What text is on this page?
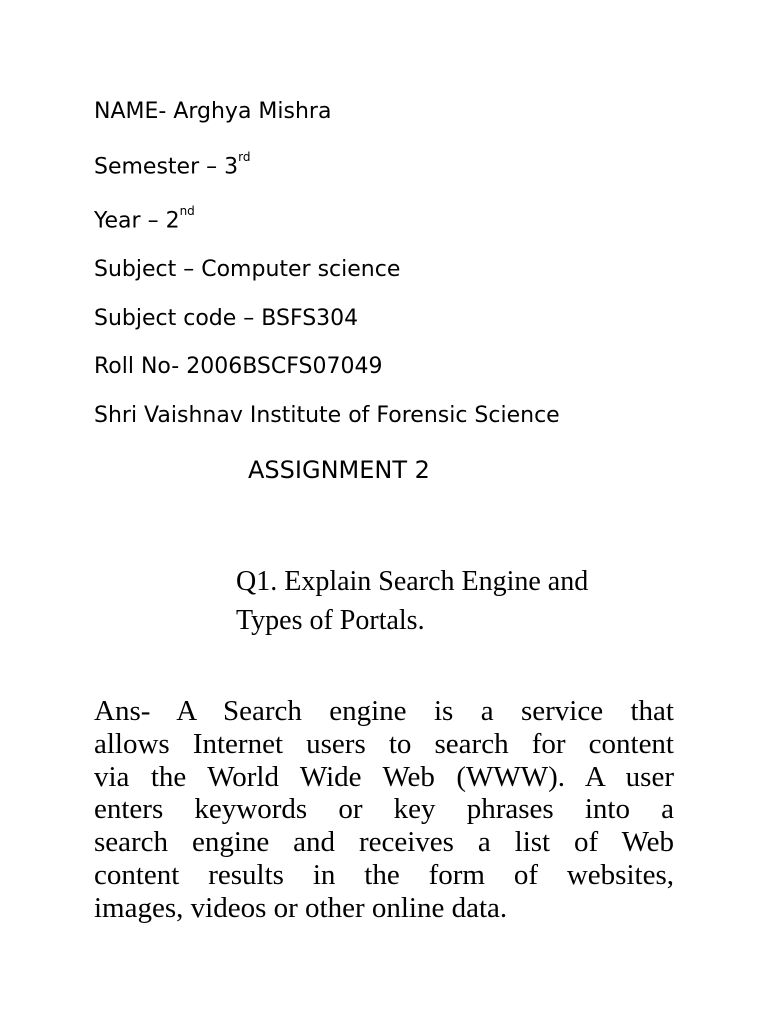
NAME- Arghya Mishra
Semester – 3rd
Year – 2nd
Subject – Computer science
Subject code – BSFS304
Roll No- 2006BSCFS07049
Shri Vaishnav Institute of Forensic Science
ASSIGNMENT 2
Q1. Explain Search Engine and
Types of Portals.
Ans- A Search engine is a service that
allows Internet users to search for content
via the World Wide Web (WWW). A user
enters keywords or key phrases into a
search engine and receives a list of Web
content results in the form of websites,
images, videos or other online data.
